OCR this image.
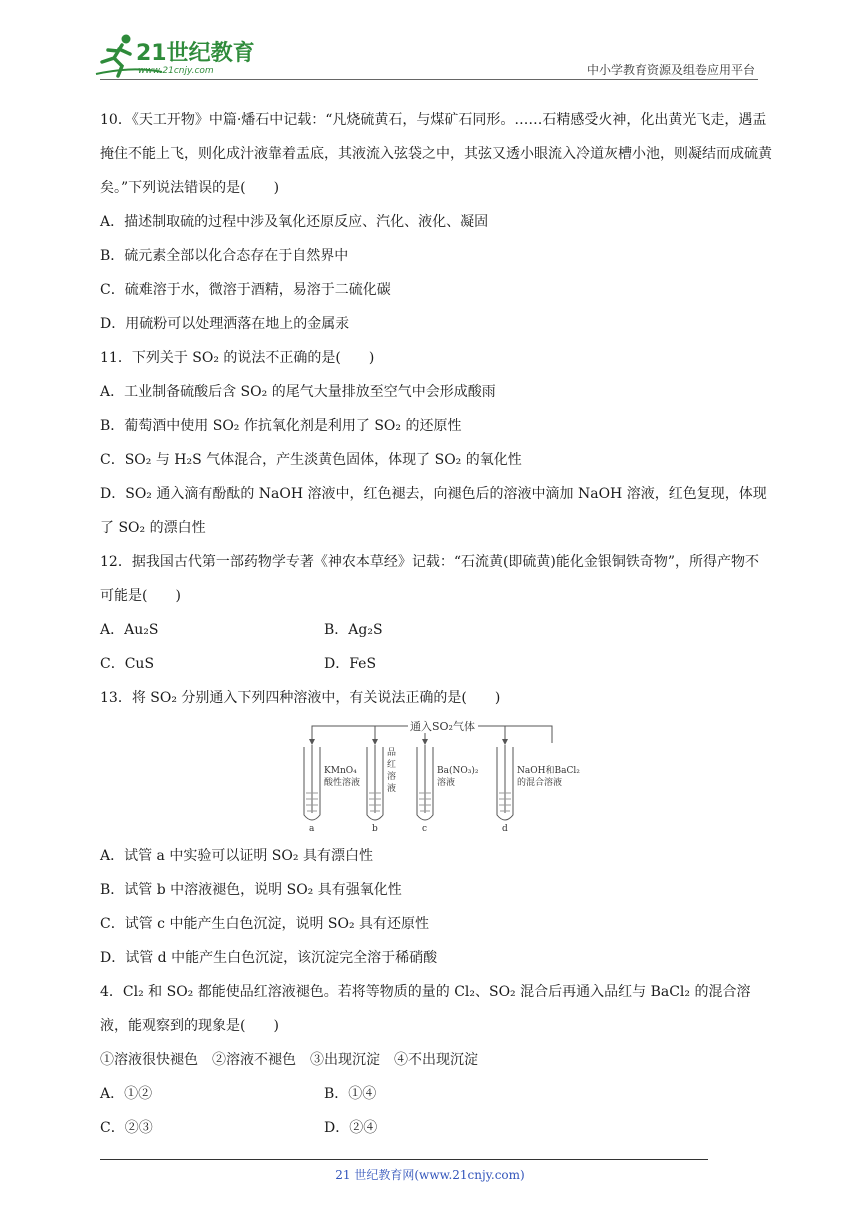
21世纪教育
www.21cnjy.com	中小学教育资源及组卷应用平台

10．《天工开物》中篇·燔石中记载：“凡烧硫黄石，与煤矿石同形。……石精感受火神，化出黄光飞走，遇盂掩住不能上飞，则化成汁液靠着盂底，其液流入弦袋之中，其弦又透小眼流入冷道灰槽小池，则凝结而成硫黄矣。”下列说法错误的是(　　)

A．描述制取硫的过程中涉及氧化还原反应、汽化、液化、凝固

B．硫元素全部以化合态存在于自然界中

C．硫难溶于水，微溶于酒精，易溶于二硫化碳

D．用硫粉可以处理洒落在地上的金属汞

11．下列关于 SO₂ 的说法不正确的是(　　)

A．工业制备硫酸后含 SO₂ 的尾气大量排放至空气中会形成酸雨

B．葡萄酒中使用 SO₂ 作抗氧化剂是利用了 SO₂ 的还原性

C．SO₂ 与 H₂S 气体混合，产生淡黄色固体，体现了 SO₂ 的氧化性

D．SO₂ 通入滴有酚酞的 NaOH 溶液中，红色褪去，向褪色后的溶液中滴加 NaOH 溶液，红色复现，体现了 SO₂ 的漂白性

12．据我国古代第一部药物学专著《神农本草经》记载：“石流黄(即硫黄)能化金银铜铁奇物”，所得产物不可能是(　　)

A．Au₂S	B．Ag₂S
C．CuS	D．FeS

13．将 SO₂ 分别通入下列四种溶液中，有关说法正确的是(　　)

通入SO₂气体
KMnO₄
酸性溶液
a
品
红
溶
液
b
Ba(NO₃)₂
溶液
c
NaOH和BaCl₂
的混合溶液
d

A．试管 a 中实验可以证明 SO₂ 具有漂白性

B．试管 b 中溶液褪色，说明 SO₂ 具有强氧化性

C．试管 c 中能产生白色沉淀，说明 SO₂ 具有还原性

D．试管 d 中能产生白色沉淀，该沉淀完全溶于稀硝酸

4．Cl₂ 和 SO₂ 都能使品红溶液褪色。若将等物质的量的 Cl₂、SO₂ 混合后再通入品红与 BaCl₂ 的混合溶液，能观察到的现象是(　　)

①溶液很快褪色　②溶液不褪色　③出现沉淀　④不出现沉淀

A．①②	B．①④
C．②③	D．②④
21 世纪教育网(www.21cnjy.com)
